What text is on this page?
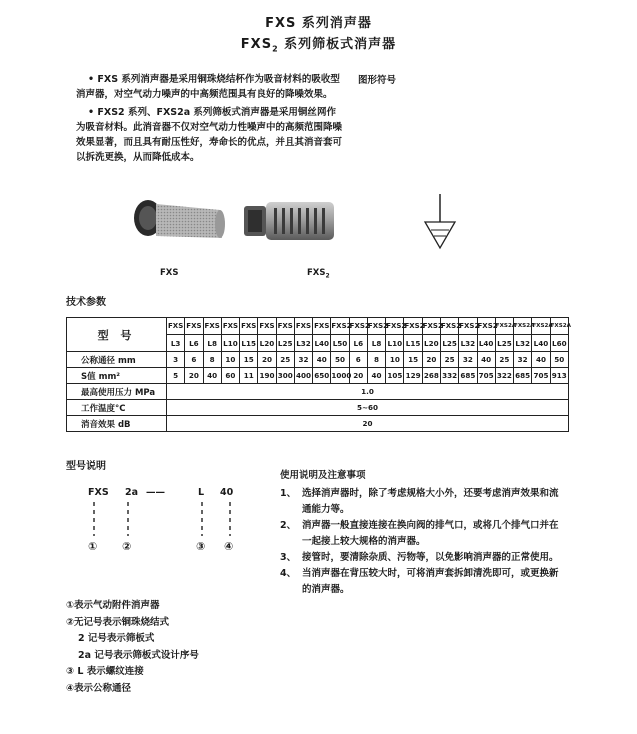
FXS 系列消声器
$FXS_2$ 系列筛板式消声器

• FXS 系列消声器是采用铜珠烧结杯作为吸音材料的吸收型消声器，对空气动力噪声的中高频范围具有良好的降噪效果。

• FXS2 系列、FXS2a 系列筛板式消声器是采用铜丝网作为吸音材料。此消音器不仅对空气动力性噪声中的高频范围降噪效果显著，而且具有耐压性好，寿命长的优点，并且其消音套可以拆洗更换，从而降低成本。

图形符号
FXS	$FXS_2$
技术参数
型 号	FXS	FXS	FXS	FXS	FXS	FXS	FXS	FXS	FXS	FXS2	FXS2	FXS2	FXS2	FXS2	FXS2	FXS2	FXS2	FXS2	FXS2A	FXS2A	FXS2A	FXS2A
	L3	L6	L8	L10	L15	L20	L25	L32	L40	L50	L6	L8	L10	L15	L20	L25	L32	L40	L25	L32	L40	L60
公称通径 mm	3	6	8	10	15	20	25	32	40	50	6	8	10	15	20	25	32	40	25	32	40	50
S值 mm²	5	20	40	60	11	190	300	400	650	1000	20	40	105	129	268	332	685	705	322	685	705	913
最高使用压力 MPa	1.0																					
工作温度°C	5~60																					
消音效果 dB	20																					
型号说明
FXS 2a ——	L 40
① ②	③ ④
①表示气动附件消声器
②无记号表示铜珠烧结式
2 记号表示筛板式
2a 记号表示筛板式设计序号
③ L 表示螺纹连接
④表示公称通径
使用说明及注意事项
1、 选择消声器时，除了考虑规格大小外，还要考虑消声效果和流通能力等。
2、 消声器一般直接连接在换向阀的排气口，或将几个排气口并在一起接上较大规格的消声器。
3、 接管时，要清除杂质、污物等，以免影响消声器的正常使用。
4、 当消声器在背压较大时，可将消声套拆卸清洗即可，或更换新的消声器。
